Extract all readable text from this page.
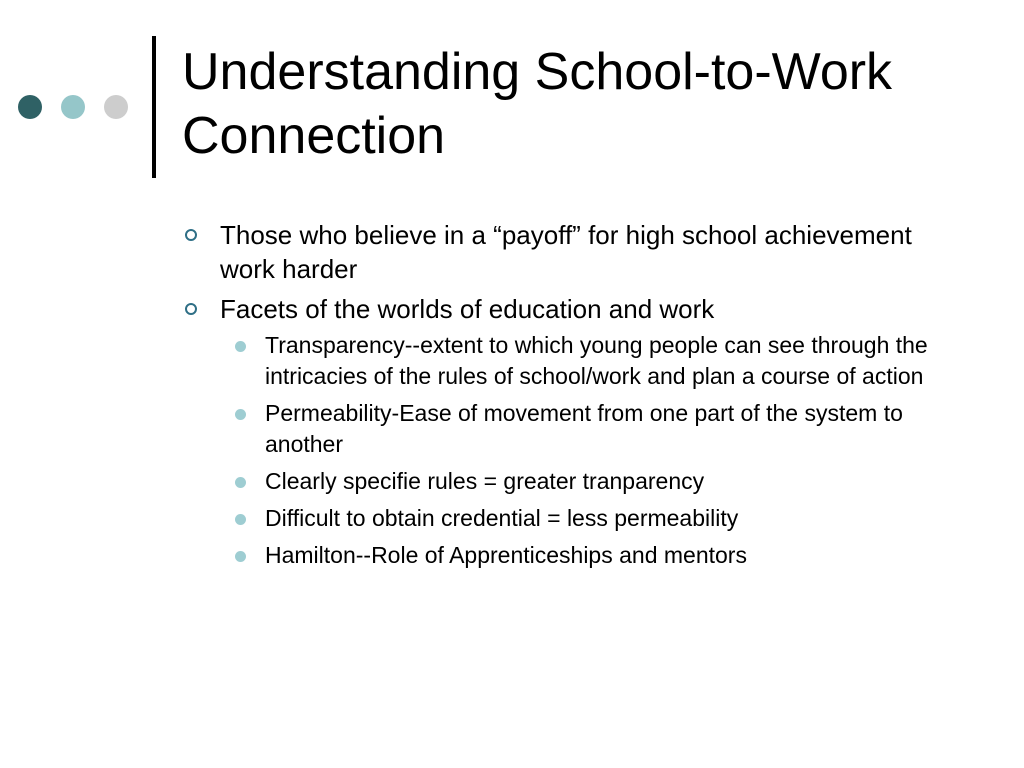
Understanding School-to-Work Connection
Those who believe in a “payoff” for high school achievement work harder
Facets of the worlds of education and work
Transparency--extent to which young people can see through the intricacies of the rules of school/work and plan a course of action
Permeability-Ease of movement from one part of the system to another
Clearly specifie rules = greater tranparency
Difficult to obtain credential = less permeability
Hamilton--Role of Apprenticeships and mentors
